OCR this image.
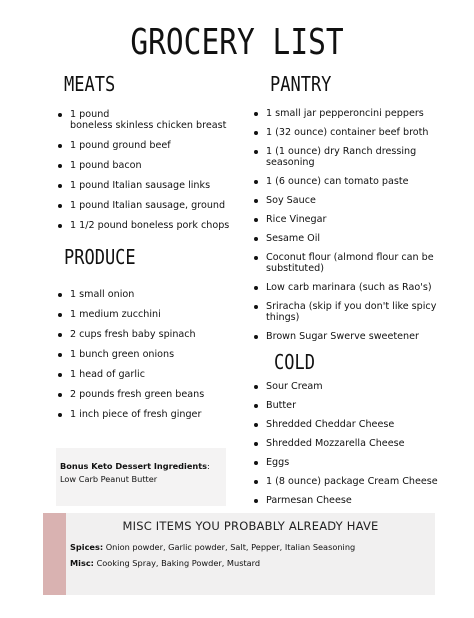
GROCERY LIST
MEATS
1 pound
boneless skinless chicken breast
1 pound ground beef
1 pound bacon
1 pound Italian sausage links
1 pound Italian sausage, ground
1 1/2 pound boneless pork chops
PRODUCE
1 small onion
1 medium zucchini
2 cups fresh baby spinach
1 bunch green onions
1 head of garlic
2 pounds fresh green beans
1 inch piece of fresh ginger
PANTRY
1 small jar pepperoncini peppers
1 (32 ounce) container beef broth
1 (1 ounce) dry Ranch dressing seasoning
1 (6 ounce) can tomato paste
Soy Sauce
Rice Vinegar
Sesame Oil
Coconut flour (almond flour can be substituted)
Low carb marinara (such as Rao's)
Sriracha (skip if you don't like spicy things)
Brown Sugar Swerve sweetener
COLD
Sour Cream
Butter
Shredded Cheddar Cheese
Shredded Mozzarella Cheese
Eggs
1 (8 ounce) package Cream Cheese
Parmesan Cheese
Bonus Keto Dessert Ingredients:
Low Carb Peanut Butter
MISC ITEMS YOU PROBABLY ALREADY HAVE
Spices: Onion powder, Garlic powder, Salt, Pepper, Italian Seasoning
Misc: Cooking Spray, Baking Powder, Mustard
